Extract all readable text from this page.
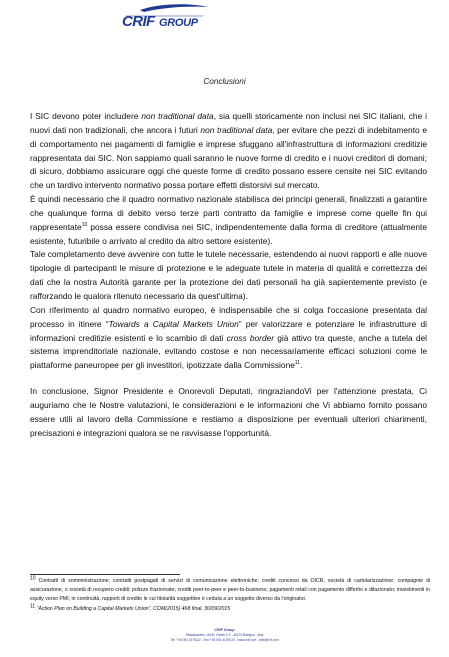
CRIF GROUP
Conclusioni

I SIC devono poter includere non traditional data, sia quelli storicamente non inclusi nei SIC italiani, che i nuovi dati non tradizionali, che ancora i futuri non traditional data, per evitare che pezzi di indebitamento e di comportamento nei pagamenti di famiglie e imprese sfuggano all'infrastruttura di informazioni creditizie rappresentata dai SIC. Non sappiamo quali saranno le nuove forme di credito e i nuovi creditori di domani; di sicuro, dobbiamo assicurare oggi che queste forme di credito possano essere censite nei SIC evitando che un tardivo intervento normativo possa portare effetti distorsivi sul mercato.

È quindi necessario che il quadro normativo nazionale stabilisca dei principi generali, finalizzati a garantire che qualunque forma di debito verso terze parti contratto da famiglie e imprese come quelle fin qui rappresentate$^{10}$ possa essere condivisa nei SIC, indipendentemente dalla forma di creditore (attualmente esistente, futuribile o arrivato al credito da altro settore esistente).

Tale completamento deve avvenire con tutte le tutele necessarie, estendendo ai nuovi rapporti e alle nuove tipologie di partecipanti le misure di protezione e le adeguate tutele in materia di qualità e correttezza dei dati che la nostra Autorità garante per la protezione dei dati personali ha già sapientemente previsto (e rafforzando le qualora ritenuto necessario da quest'ultima).

Con riferimento al quadro normativo europeo, è indispensabile che si colga l'occasione presentata dal processo in itinere “Towards a Capital Markets Union” per valorizzare e potenziare le infrastrutture di informazioni creditizie esistenti e lo scambio di dati cross border già attivo tra queste, anche a tutela del sistema imprenditoriale nazionale, evitando costose e non necessariamente efficaci soluzioni come le piattaforme paneuropee per gli investitori, ipotizzate dalla Commissione$^{11}$.

In conclusione, Signor Presidente e Onorevoli Deputati, ringraziandoVi per l'attenzione prestata, Ci auguriamo che le Nostre valutazioni, le considerazioni e le informazioni che Vi abbiamo fornito possano essere utili al lavoro della Commissione e restiamo a disposizione per eventuali ulteriori chiarimenti, precisazioni e integrazioni qualora se ne ravvisasse l'opportunità.

$^{10}$ Contratti di somministrazione; contratti postpagati di servizi di comunicazione elettroniche; crediti concessi da OICR, società di cartolarizzazione; compagnie di assicurazione, o società di recupero crediti; polizze fraziornate; crediti peer-to-peer e peer-to-business; pagamenti retail con pagamento differito e dilazionato; investimenti in equity verso PMI; in continuità, rapporti di credito le cui titolarità soggettive è ceduta a un soggetto diverso da l'originator.

$^{11}$ “Action Plan on Building a Capital Markets Union”, COM(2015) 468 final, 30/09/2015

CRIF Group
Headquarters: via M. Fantin 1-3 - 40131 Bologna - Italy
Tel. +39 051 4176111 - Fax +39 051 4176010 - www.crif.com - info@crif.com
